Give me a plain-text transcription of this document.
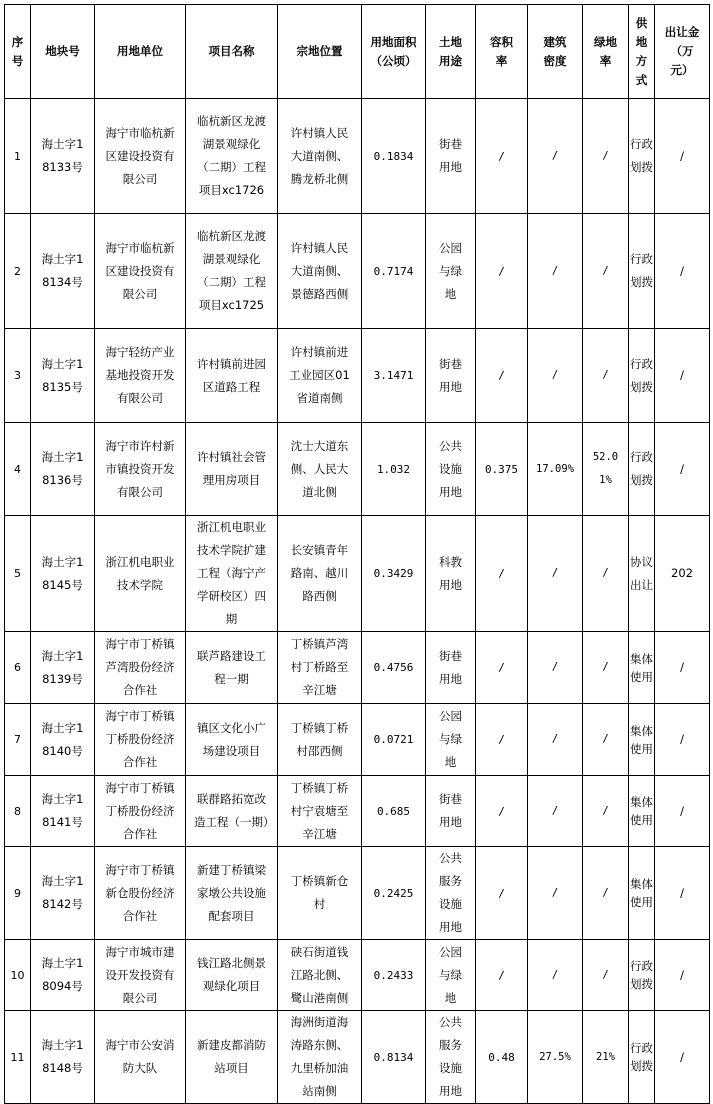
序号	地块号	用地单位	项目名称	宗地位置	用地面积（公顷）	土地用途	容积率	建筑密度	绿地率	供地方式	出让金（万元）
1	海土字18133号	海宁市临杭新区建设投资有限公司	临杭新区龙渡湖景观绿化（二期）工程项目xc1726	许村镇人民大道南侧、腾龙桥北侧	0.1834	街巷用地	/	/	/	行政划拨	/
2	海土字18134号	海宁市临杭新区建设投资有限公司	临杭新区龙渡湖景观绿化（二期）工程项目xc1725	许村镇人民大道南侧、景德路西侧	0.7174	公园与绿地	/	/	/	行政划拨	/
3	海土字18135号	海宁轻纺产业基地投资开发有限公司	许村镇前进园区道路工程	许村镇前进工业园区01省道南侧	3.1471	街巷用地	/	/	/	行政划拨	/
4	海土字18136号	海宁市许村新市镇投资开发有限公司	许村镇社会管理用房项目	沈士大道东侧、人民大道北侧	1.032	公共设施用地	0.375	17.09%	52.01%	行政划拨	/
5	海土字18145号	浙江机电职业技术学院	浙江机电职业技术学院扩建工程（海宁产学研校区）四期	长安镇青年路南、越川路西侧	0.3429	科教用地	/	/	/	协议出让	202
6	海土字18139号	海宁市丁桥镇芦湾股份经济合作社	联芦路建设工程一期	丁桥镇芦湾村丁桥路至辛江塘	0.4756	街巷用地	/	/	/	集体使用	/
7	海土字18140号	海宁市丁桥镇丁桥股份经济合作社	镇区文化小广场建设项目	丁桥镇丁桥村邵西侧	0.0721	公园与绿地	/	/	/	集体使用	/
8	海土字18141号	海宁市丁桥镇丁桥股份经济合作社	联群路拓宽改造工程（一期）	丁桥镇丁桥村宁袁塘至辛江塘	0.685	街巷用地	/	/	/	集体使用	/
9	海土字18142号	海宁市丁桥镇新仓股份经济合作社	新建丁桥镇梁家墩公共设施配套项目	丁桥镇新仓村	0.2425	公共服务设施用地	/	/	/	集体使用	/
10	海土字18094号	海宁市城市建设开发投资有限公司	钱江路北侧景观绿化项目	硖石街道钱江路北侧、鹭山港南侧	0.2433	公园与绿地	/	/	/	行政划拨	/
11	海土字18148号	海宁市公安消防大队	新建皮都消防站项目	海洲街道海涛路东侧、九里桥加油站南侧	0.8134	公共服务设施用地	0.48	27.5%	21%	行政划拨	/
